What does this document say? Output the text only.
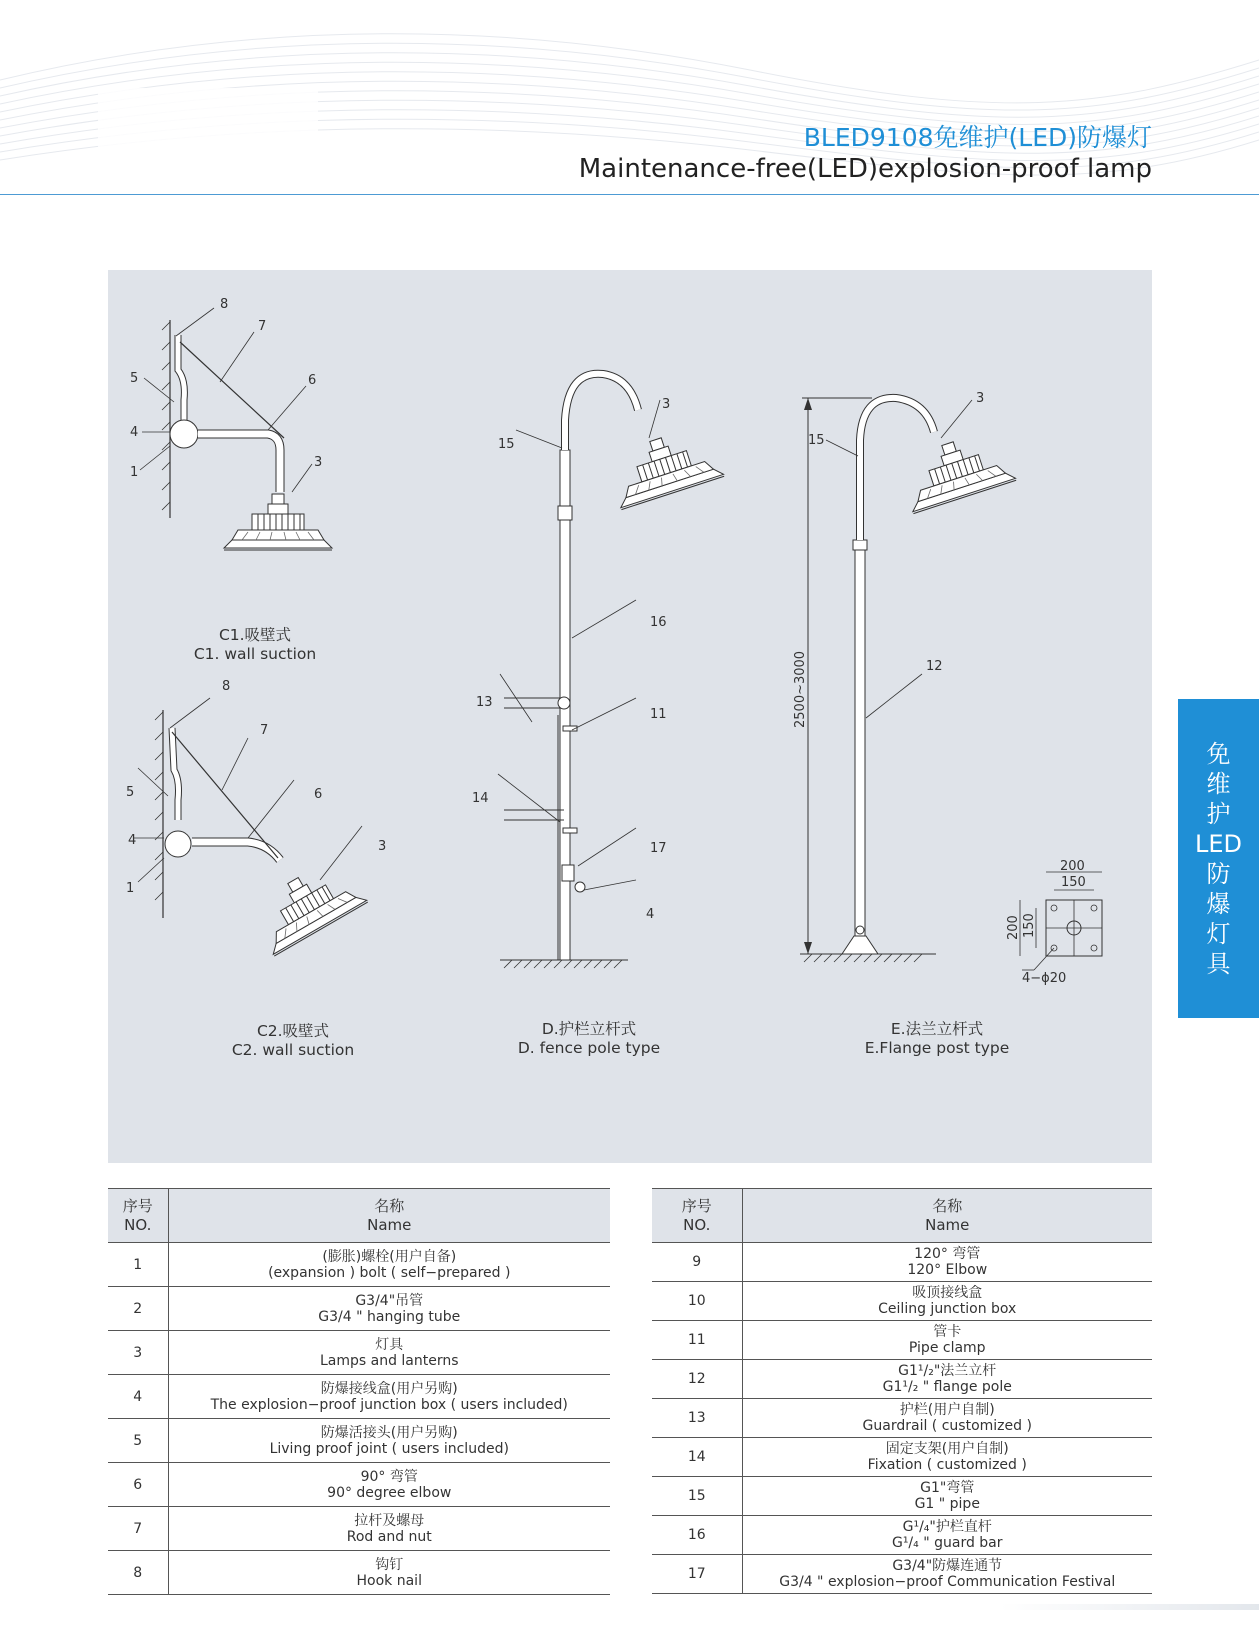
BLED9108免维护(LED)防爆灯
Maintenance-free(LED)explosion-proof lamp
8
7
5	6
4
3
1
8
7
5	6
4	3
1
3
15
16
13
11
14
17
4
2500~3000
3
15
12
200
150
200 150
4−ϕ20
C1.吸壁式
C1. wall suction
C2.吸壁式
C2. wall suction
D.护栏立杆式
D. fence pole type
E.法兰立杆式
E.Flange post type
免
维
护
LED
防
爆
灯
具
序号
NO.	名称
Name

1	(膨胀)螺栓(用户自备)
(expansion ) bolt ( self−prepared )

2	G3/4"吊管
G3/4 " hanging tube

3	灯具
Lamps and lanterns

4	防爆接线盒(用户另购)
The explosion−proof junction box ( users included)

5	防爆活接头(用户另购)
Living proof joint ( users included)

6	90° 弯管
90° degree elbow

7	拉杆及螺母
Rod and nut

8	钩钉
Hook nail
序号
NO.	名称
Name

9	120° 弯管
120° Elbow

10	吸顶接线盒
Ceiling junction box

11	管卡
Pipe clamp

12	G1¹/₂"法兰立杆
G1¹/₂ " flange pole

13	护栏(用户自制)
Guardrail ( customized )

14	固定支架(用户自制)
Fixation ( customized )

15	G1"弯管
G1 " pipe

16	G¹/₄"护栏直杆
G¹/₄ " guard bar

17	G3/4"防爆连通节
G3/4 " explosion−proof Communication Festival
